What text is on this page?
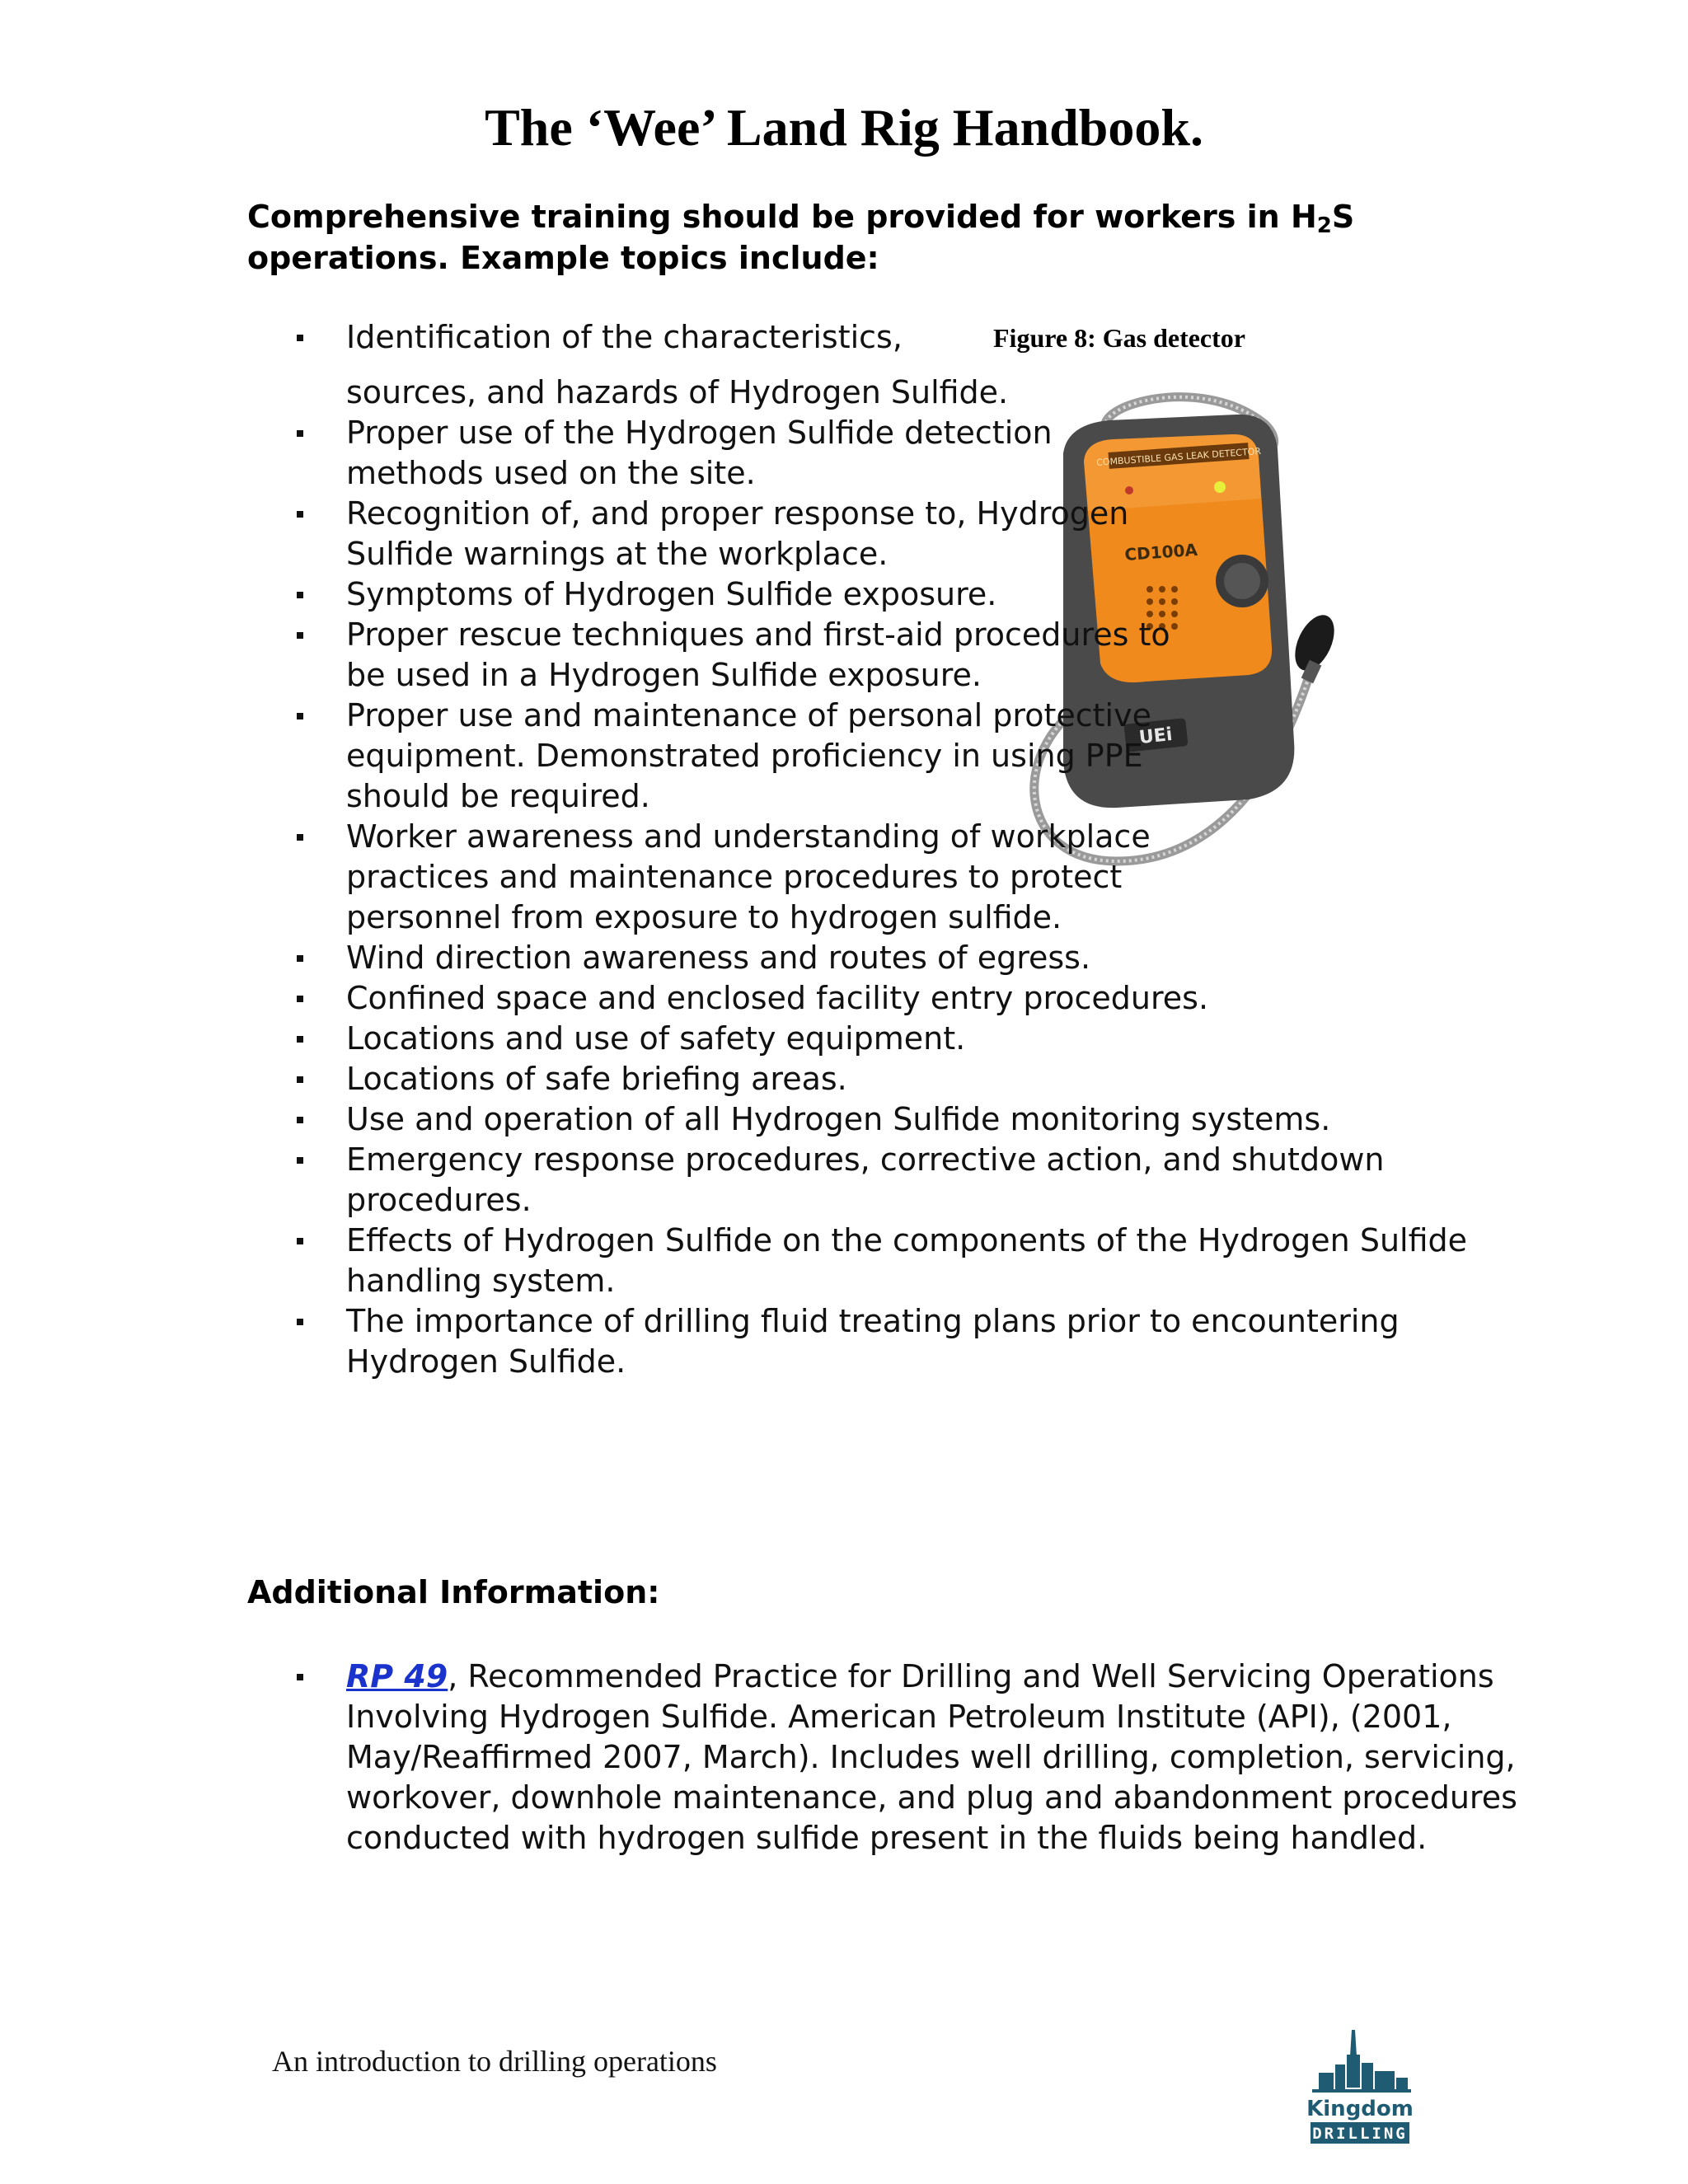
The ‘Wee’ Land Rig Handbook.
Comprehensive training should be provided for workers in $H_2S$ operations. Example topics include:
Figure 8: Gas detector
COMBUSTIBLE GAS LEAK DETECTOR
CD100A
UEi
Identification of the characteristics,
sources, and hazards of Hydrogen Sulfide.
Proper use of the Hydrogen Sulfide detection methods used on the site.
Recognition of, and proper response to, Hydrogen Sulfide warnings at the workplace.
Symptoms of Hydrogen Sulfide exposure.
Proper rescue techniques and first-aid procedures to be used in a Hydrogen Sulfide exposure.
Proper use and maintenance of personal protective equipment. Demonstrated proficiency in using PPE should be required.
Worker awareness and understanding of workplace practices and maintenance procedures to protect personnel from exposure to hydrogen sulfide.
Wind direction awareness and routes of egress.
Confined space and enclosed facility entry procedures.
Locations and use of safety equipment.
Locations of safe briefing areas.
Use and operation of all Hydrogen Sulfide monitoring systems.
Emergency response procedures, corrective action, and shutdown procedures.
Effects of Hydrogen Sulfide on the components of the Hydrogen Sulfide handling system.
The importance of drilling fluid treating plans prior to encountering Hydrogen Sulfide.
Additional Information:
RP 49, Recommended Practice for Drilling and Well Servicing Operations Involving Hydrogen Sulfide. American Petroleum Institute (API), (2001, May/Reaffirmed 2007, March). Includes well drilling, completion, servicing, workover, downhole maintenance, and plug and abandonment procedures conducted with hydrogen sulfide present in the fluids being handled.
An introduction to drilling operations
Kingdom
DRILLING
